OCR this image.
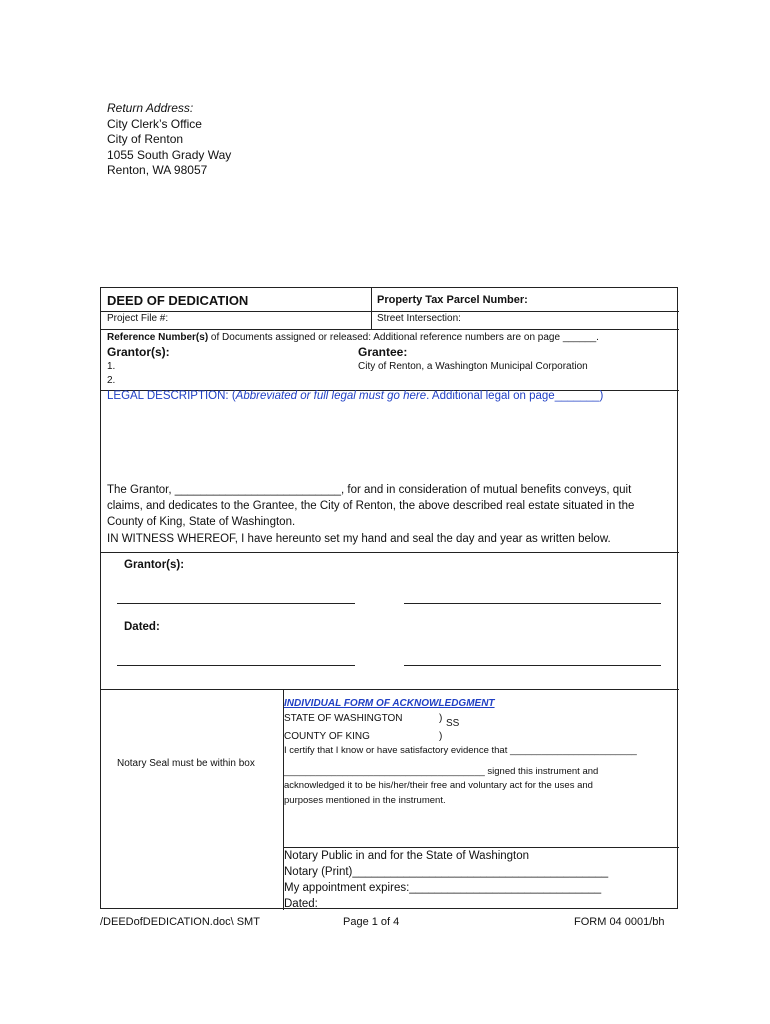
Return Address:
City Clerk’s Office
City of Renton
1055 South Grady Way
Renton, WA 98057
DEED OF DEDICATION	Property Tax Parcel Number:
Project File #:	Street Intersection:
Reference Number(s) of Documents assigned or released: Additional reference numbers are on page ______.
Grantor(s):
1.
2.
Grantee:
City of Renton, a Washington Municipal Corporation
LEGAL DESCRIPTION: (Abbreviated or full legal must go here. Additional legal on page_______)
The Grantor, __________________________, for and in consideration of mutual benefits conveys, quit claims, and dedicates to the Grantee, the City of Renton, the above described real estate situated in the County of King, State of Washington.
IN WITNESS WHEREOF, I have hereunto set my hand and seal the day and year as written below.
Grantor(s):
Dated:
Notary Seal must be within box
INDIVIDUAL FORM OF ACKNOWLEDGMENT
STATE OF WASHINGTON	) SS
COUNTY OF KING	)
I certify that I know or have satisfactory evidence that ________________________
______________________________________ signed this instrument and
acknowledged it to be his/her/their free and voluntary act for the uses and
purposes mentioned in the instrument.
Notary Public in and for the State of Washington
Notary (Print)________________________________________
My appointment expires:______________________________
Dated:
/DEEDofDEDICATION.doc\ SMT	Page 1 of 4	FORM 04 0001/bh
